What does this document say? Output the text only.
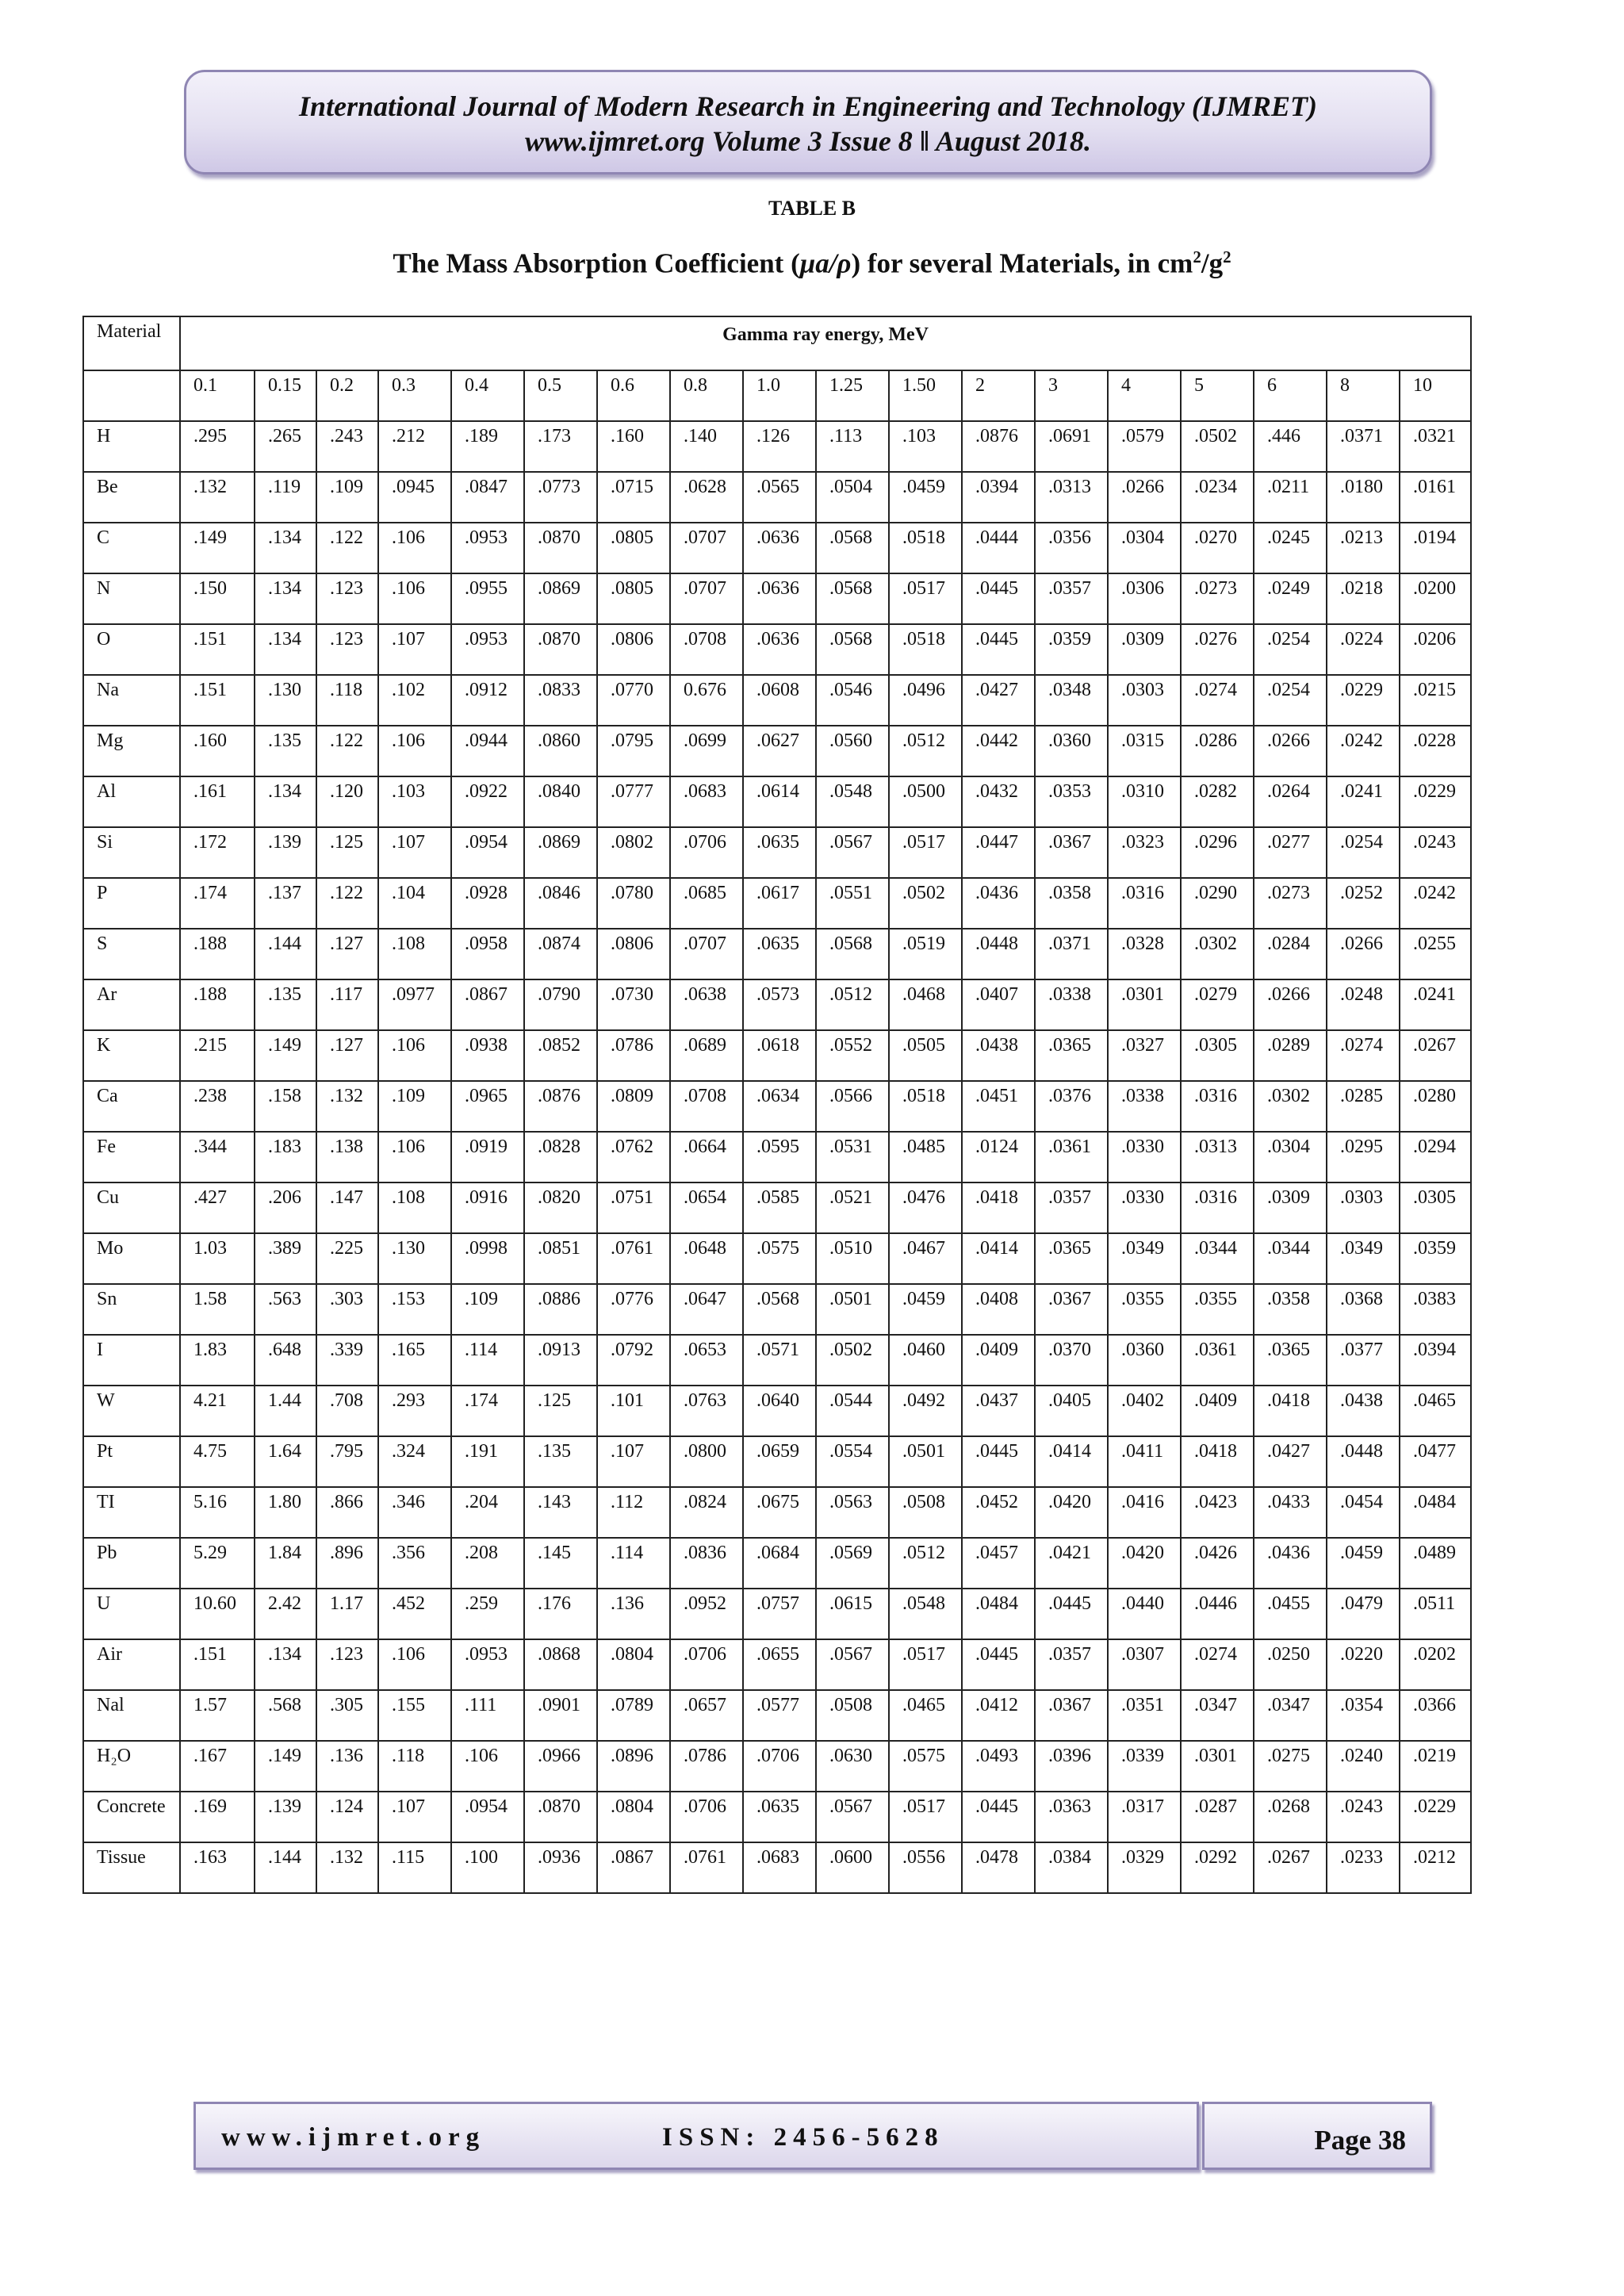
International Journal of Modern Research in Engineering and Technology (IJMRET)
www.ijmret.org Volume 3 Issue 8 ǁ August 2018.
TABLE B
The Mass Absorption Coefficient (μa/ρ) for several Materials, in $cm^2/g^2$
Material	Gamma ray energy, MeV																	
	0.1	0.15	0.2	0.3	0.4	0.5	0.6	0.8	1.0	1.25	1.50	2	3	4	5	6	8	10
H	.295	.265	.243	.212	.189	.173	.160	.140	.126	.113	.103	.0876	.0691	.0579	.0502	.446	.0371	.0321
Be	.132	.119	.109	.0945	.0847	.0773	.0715	.0628	.0565	.0504	.0459	.0394	.0313	.0266	.0234	.0211	.0180	.0161
C	.149	.134	.122	.106	.0953	.0870	.0805	.0707	.0636	.0568	.0518	.0444	.0356	.0304	.0270	.0245	.0213	.0194
N	.150	.134	.123	.106	.0955	.0869	.0805	.0707	.0636	.0568	.0517	.0445	.0357	.0306	.0273	.0249	.0218	.0200
O	.151	.134	.123	.107	.0953	.0870	.0806	.0708	.0636	.0568	.0518	.0445	.0359	.0309	.0276	.0254	.0224	.0206
Na	.151	.130	.118	.102	.0912	.0833	.0770	0.676	.0608	.0546	.0496	.0427	.0348	.0303	.0274	.0254	.0229	.0215
Mg	.160	.135	.122	.106	.0944	.0860	.0795	.0699	.0627	.0560	.0512	.0442	.0360	.0315	.0286	.0266	.0242	.0228
Al	.161	.134	.120	.103	.0922	.0840	.0777	.0683	.0614	.0548	.0500	.0432	.0353	.0310	.0282	.0264	.0241	.0229
Si	.172	.139	.125	.107	.0954	.0869	.0802	.0706	.0635	.0567	.0517	.0447	.0367	.0323	.0296	.0277	.0254	.0243
P	.174	.137	.122	.104	.0928	.0846	.0780	.0685	.0617	.0551	.0502	.0436	.0358	.0316	.0290	.0273	.0252	.0242
S	.188	.144	.127	.108	.0958	.0874	.0806	.0707	.0635	.0568	.0519	.0448	.0371	.0328	.0302	.0284	.0266	.0255
Ar	.188	.135	.117	.0977	.0867	.0790	.0730	.0638	.0573	.0512	.0468	.0407	.0338	.0301	.0279	.0266	.0248	.0241
K	.215	.149	.127	.106	.0938	.0852	.0786	.0689	.0618	.0552	.0505	.0438	.0365	.0327	.0305	.0289	.0274	.0267
Ca	.238	.158	.132	.109	.0965	.0876	.0809	.0708	.0634	.0566	.0518	.0451	.0376	.0338	.0316	.0302	.0285	.0280
Fe	.344	.183	.138	.106	.0919	.0828	.0762	.0664	.0595	.0531	.0485	.0124	.0361	.0330	.0313	.0304	.0295	.0294
Cu	.427	.206	.147	.108	.0916	.0820	.0751	.0654	.0585	.0521	.0476	.0418	.0357	.0330	.0316	.0309	.0303	.0305
Mo	1.03	.389	.225	.130	.0998	.0851	.0761	.0648	.0575	.0510	.0467	.0414	.0365	.0349	.0344	.0344	.0349	.0359
Sn	1.58	.563	.303	.153	.109	.0886	.0776	.0647	.0568	.0501	.0459	.0408	.0367	.0355	.0355	.0358	.0368	.0383
I	1.83	.648	.339	.165	.114	.0913	.0792	.0653	.0571	.0502	.0460	.0409	.0370	.0360	.0361	.0365	.0377	.0394
W	4.21	1.44	.708	.293	.174	.125	.101	.0763	.0640	.0544	.0492	.0437	.0405	.0402	.0409	.0418	.0438	.0465
Pt	4.75	1.64	.795	.324	.191	.135	.107	.0800	.0659	.0554	.0501	.0445	.0414	.0411	.0418	.0427	.0448	.0477
TI	5.16	1.80	.866	.346	.204	.143	.112	.0824	.0675	.0563	.0508	.0452	.0420	.0416	.0423	.0433	.0454	.0484
Pb	5.29	1.84	.896	.356	.208	.145	.114	.0836	.0684	.0569	.0512	.0457	.0421	.0420	.0426	.0436	.0459	.0489
U	10.60	2.42	1.17	.452	.259	.176	.136	.0952	.0757	.0615	.0548	.0484	.0445	.0440	.0446	.0455	.0479	.0511
Air	.151	.134	.123	.106	.0953	.0868	.0804	.0706	.0655	.0567	.0517	.0445	.0357	.0307	.0274	.0250	.0220	.0202
Nal	1.57	.568	.305	.155	.111	.0901	.0789	.0657	.0577	.0508	.0465	.0412	.0367	.0351	.0347	.0347	.0354	.0366
H₂O	.167	.149	.136	.118	.106	.0966	.0896	.0786	.0706	.0630	.0575	.0493	.0396	.0339	.0301	.0275	.0240	.0219
Concrete	.169	.139	.124	.107	.0954	.0870	.0804	.0706	.0635	.0567	.0517	.0445	.0363	.0317	.0287	.0268	.0243	.0229
Tissue	.163	.144	.132	.115	.100	.0936	.0867	.0761	.0683	.0600	.0556	.0478	.0384	.0329	.0292	.0267	.0233	.0212
www.ijmret.org	ISSN: 2456-5628	Page 38
